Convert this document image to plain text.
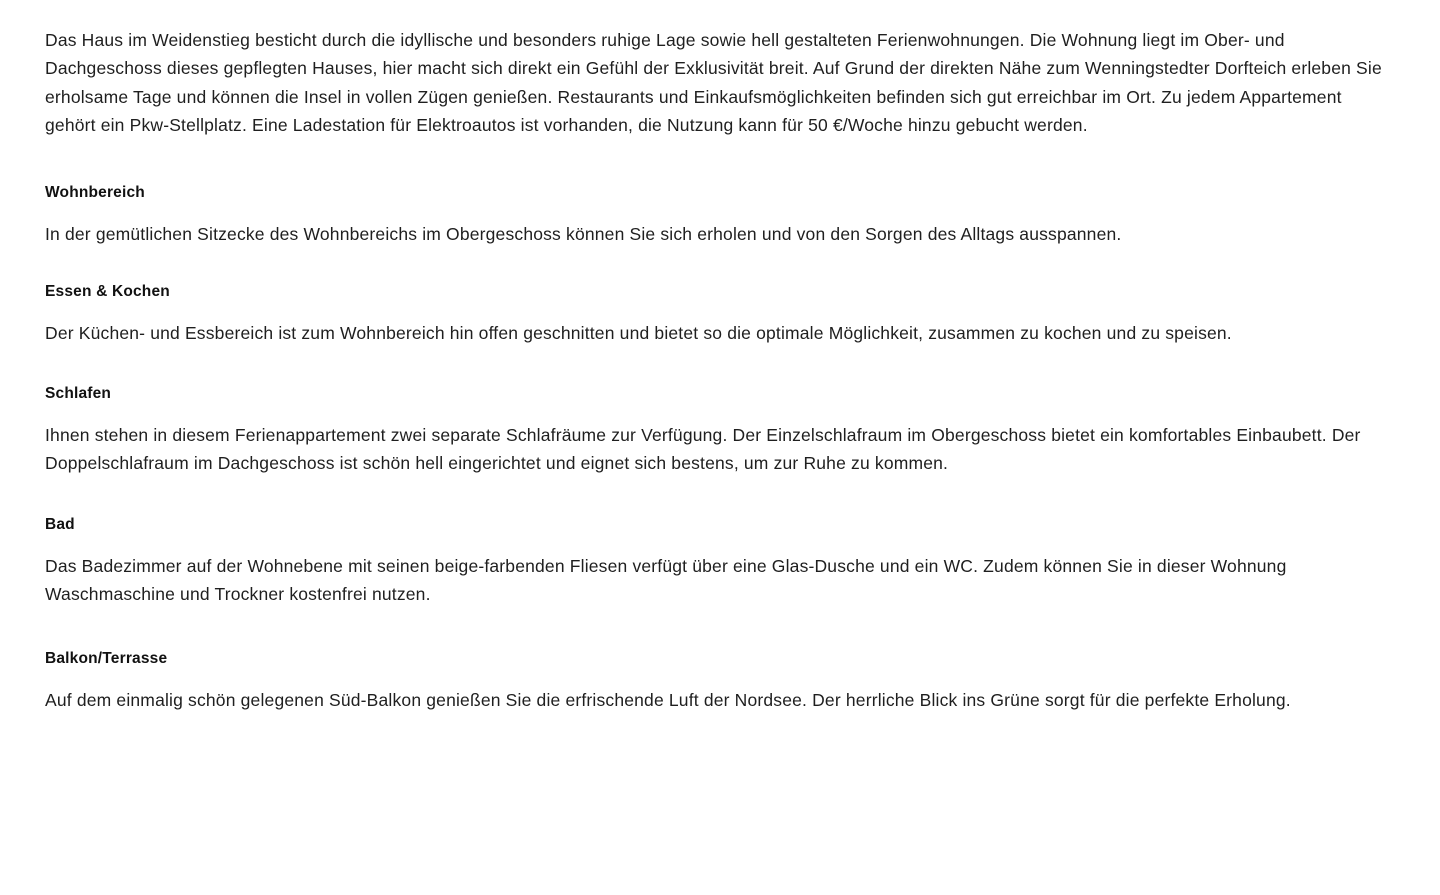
Das Haus im Weidenstieg besticht durch die idyllische und besonders ruhige Lage sowie hell gestalteten Ferienwohnungen. Die Wohnung liegt im Ober- und Dachgeschoss dieses gepflegten Hauses, hier macht sich direkt ein Gefühl der Exklusivität breit. Auf Grund der direkten Nähe zum Wenningstedter Dorfteich erleben Sie erholsame Tage und können die Insel in vollen Zügen genießen. Restaurants und Einkaufsmöglichkeiten befinden sich gut erreichbar im Ort. Zu jedem Appartement gehört ein Pkw-Stellplatz. Eine Ladestation für Elektroautos ist vorhanden, die Nutzung kann für 50 €/Woche hinzu gebucht werden.

Wohnbereich

In der gemütlichen Sitzecke des Wohnbereichs im Obergeschoss können Sie sich erholen und von den Sorgen des Alltags ausspannen.

Essen & Kochen

Der Küchen- und Essbereich ist zum Wohnbereich hin offen geschnitten und bietet so die optimale Möglichkeit, zusammen zu kochen und zu speisen.

Schlafen

Ihnen stehen in diesem Ferienappartement zwei separate Schlafräume zur Verfügung. Der Einzelschlafraum im Obergeschoss bietet ein komfortables Einbaubett. Der Doppelschlafraum im Dachgeschoss ist schön hell eingerichtet und eignet sich bestens, um zur Ruhe zu kommen.

Bad

Das Badezimmer auf der Wohnebene mit seinen beige-farbenden Fliesen verfügt über eine Glas-Dusche und ein WC. Zudem können Sie in dieser Wohnung Waschmaschine und Trockner kostenfrei nutzen.

Balkon/Terrasse

Auf dem einmalig schön gelegenen Süd-Balkon genießen Sie die erfrischende Luft der Nordsee. Der herrliche Blick ins Grüne sorgt für die perfekte Erholung.
